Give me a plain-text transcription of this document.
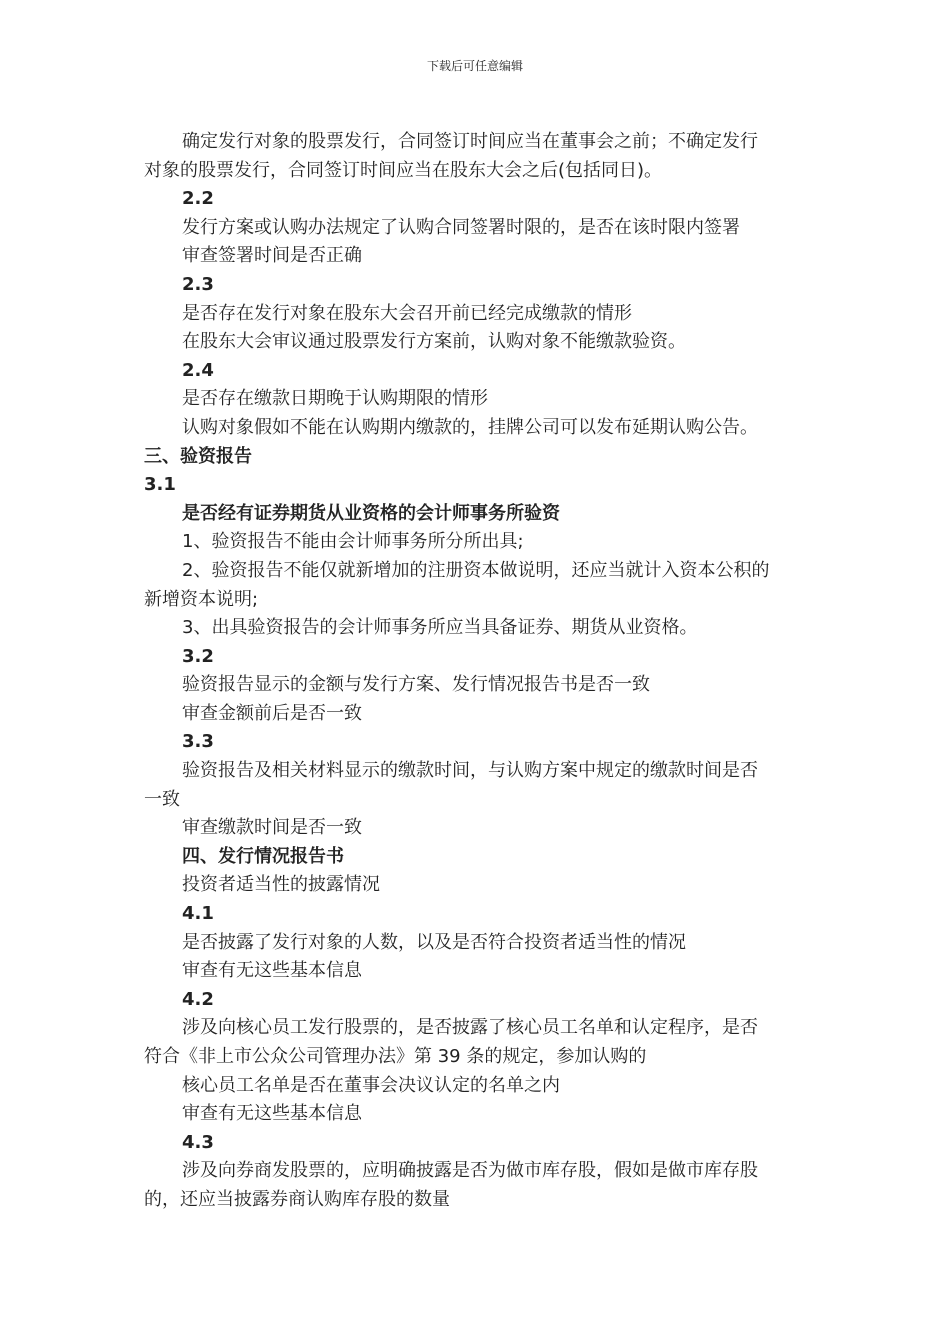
下载后可任意编辑
确定发行对象的股票发行，合同签订时间应当在董事会之前；不确定发行
对象的股票发行，合同签订时间应当在股东大会之后(包括同日)。
2.2
发行方案或认购办法规定了认购合同签署时限的，是否在该时限内签署
审查签署时间是否正确
2.3
是否存在发行对象在股东大会召开前已经完成缴款的情形
在股东大会审议通过股票发行方案前，认购对象不能缴款验资。
2.4
是否存在缴款日期晚于认购期限的情形
认购对象假如不能在认购期内缴款的，挂牌公司可以发布延期认购公告。
三、验资报告
3.1
是否经有证券期货从业资格的会计师事务所验资
1、验资报告不能由会计师事务所分所出具;
2、验资报告不能仅就新增加的注册资本做说明，还应当就计入资本公积的
新增资本说明;
3、出具验资报告的会计师事务所应当具备证券、期货从业资格。
3.2
验资报告显示的金额与发行方案、发行情况报告书是否一致
审查金额前后是否一致
3.3
验资报告及相关材料显示的缴款时间，与认购方案中规定的缴款时间是否
一致
审查缴款时间是否一致
四、发行情况报告书
投资者适当性的披露情况
4.1
是否披露了发行对象的人数，以及是否符合投资者适当性的情况
审查有无这些基本信息
4.2
涉及向核心员工发行股票的，是否披露了核心员工名单和认定程序，是否
符合《非上市公众公司管理办法》第 39 条的规定，参加认购的
核心员工名单是否在董事会决议认定的名单之内
审查有无这些基本信息
4.3
涉及向券商发股票的，应明确披露是否为做市库存股，假如是做市库存股
的，还应当披露券商认购库存股的数量
